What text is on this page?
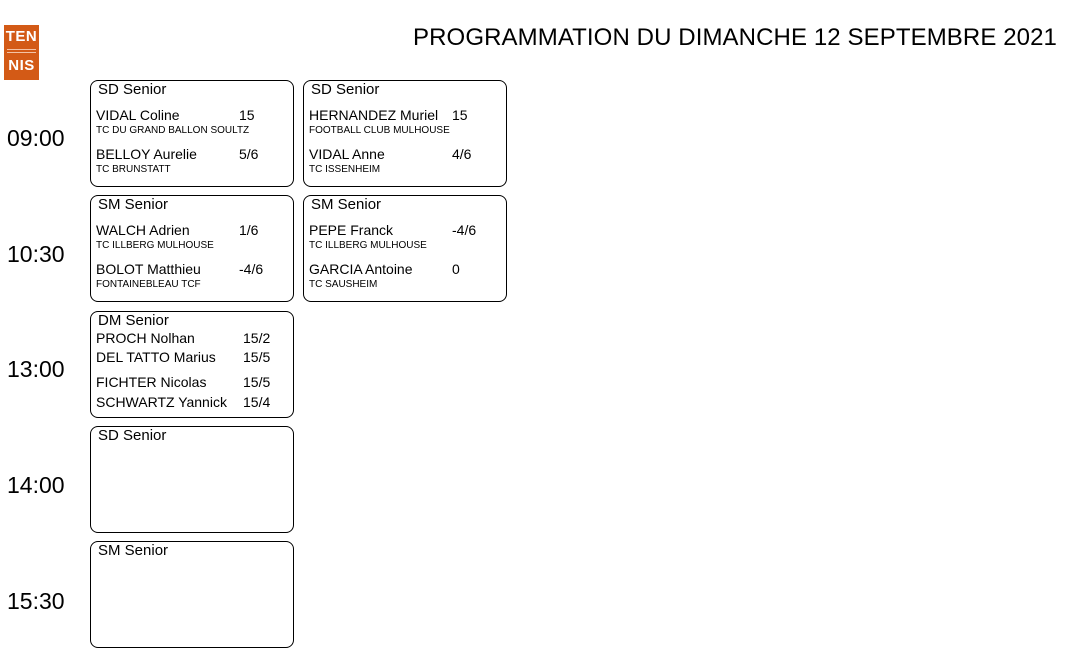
TEN
NIS
PROGRAMMATION DU DIMANCHE 12 SEPTEMBRE 2021
09:00
SD Senior
VIDAL Coline	15
TC DU GRAND BALLON SOULTZ
BELLOY Aurelie	5/6
TC BRUNSTATT
SD Senior
HERNANDEZ Muriel 15
FOOTBALL CLUB MULHOUSE
VIDAL Anne	4/6
TC ISSENHEIM
10:30
SM Senior
WALCH Adrien	1/6
TC ILLBERG MULHOUSE
BOLOT Matthieu	-4/6
FONTAINEBLEAU TCF
SM Senior
PEPE Franck	-4/6
TC ILLBERG MULHOUSE
GARCIA Antoine	0
TC SAUSHEIM
13:00
DM Senior
PROCH Nolhan	15/2
DEL TATTO Marius 15/5
FICHTER Nicolas	15/5
SCHWARTZ Yannick 15/4
14:00
SD Senior
15:30
SM Senior
